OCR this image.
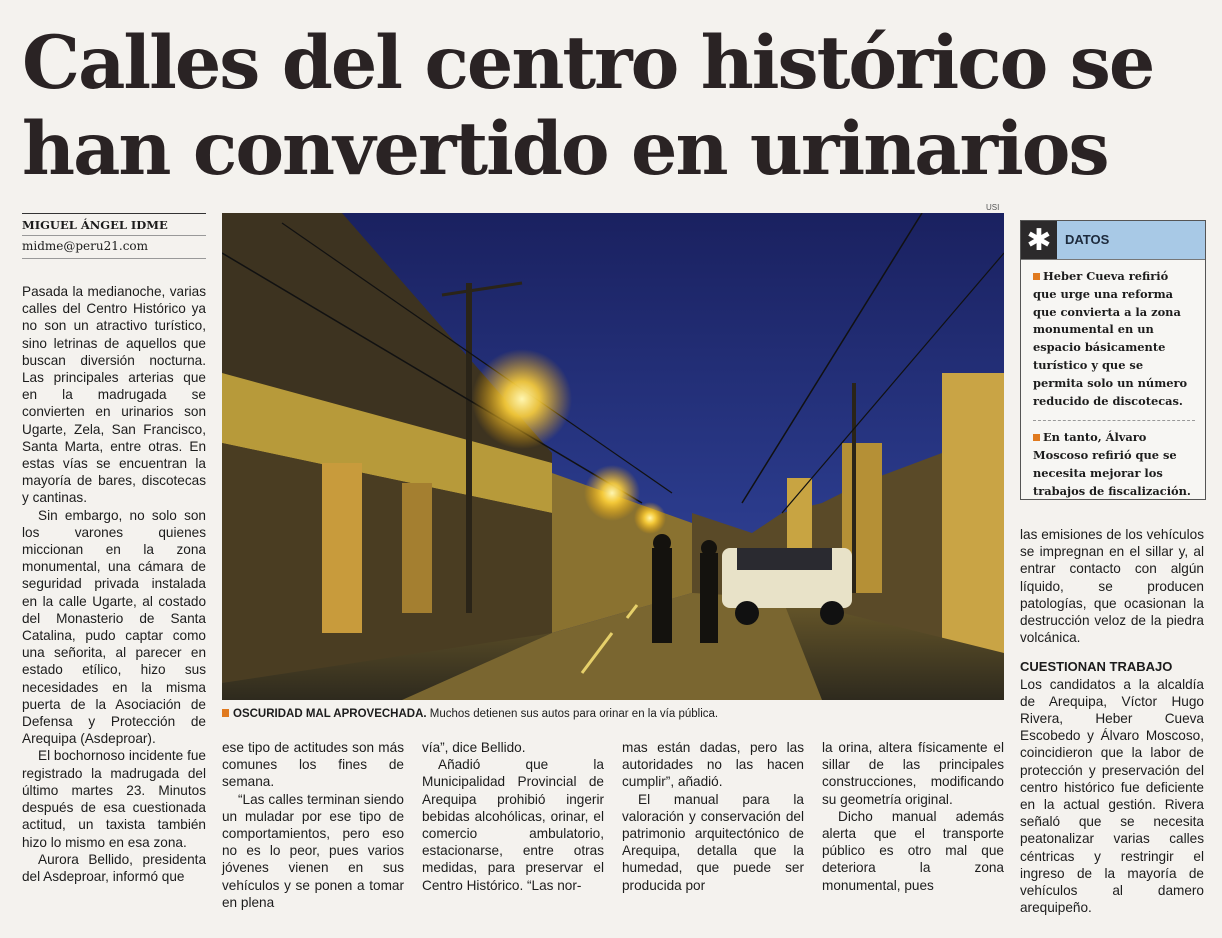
Calles del centro histórico se han convertido en urinarios
MIGUEL ÁNGEL IDME
midme@peru21.com

Pasada la medianoche, varias calles del Centro Histórico ya no son un atractivo turístico, sino letrinas de aquellos que buscan diversión nocturna. Las principales arterias que en la madrugada se convierten en urinarios son Ugarte, Zela, San Francisco, Santa Marta, entre otras. En estas vías se encuentran la mayoría de bares, discotecas y cantinas.

Sin embargo, no solo son los varones quienes miccionan en la zona monumental, una cámara de seguridad privada instalada en la calle Ugarte, al costado del Monasterio de Santa Catalina, pudo captar como una señorita, al parecer en estado etílico, hizo sus necesidades en la misma puerta de la Asociación de Defensa y Protección de Arequipa (Asdeproar).

El bochornoso incidente fue registrado la madrugada del último martes 23. Minutos después de esa cuestionada actitud, un taxista también hizo lo mismo en esa zona.

Aurora Bellido, presidenta del Asdeproar, informó que

USI
OSCURIDAD MAL APROVECHADA. Muchos detienen sus autos para orinar en la vía pública.

ese tipo de actitudes son más comunes los fines de semana.

“Las calles terminan siendo un muladar por ese tipo de comportamientos, pero eso no es lo peor, pues varios jóvenes vienen en sus vehículos y se ponen a tomar en plena

vía”, dice Bellido.

Añadió que la Municipalidad Provincial de Arequipa prohibió ingerir bebidas alcohólicas, orinar, el comercio ambulatorio, estacionarse, entre otras medidas, para preservar el Centro Histórico. “Las nor-

mas están dadas, pero las autoridades no las hacen cumplir”, añadió.

El manual para la valoración y conservación del patrimonio arquitectónico de Arequipa, detalla que la humedad, que puede ser producida por

la orina, altera físicamente el sillar de las principales construcciones, modificando su geometría original.

Dicho manual además alerta que el transporte público es otro mal que deteriora la zona monumental, pues

✱	DATOS
Heber Cueva refirió que urge una reforma que convierta a la zona monumental en un espacio básicamente turístico y que se permita solo un número reducido de discotecas.
En tanto, Álvaro Moscoso refirió que se necesita mejorar los trabajos de fiscalización.

las emisiones de los vehículos se impregnan en el sillar y, al entrar contacto con algún líquido, se producen patologías, que ocasionan la destrucción veloz de la piedra volcánica.

CUESTIONAN TRABAJO

Los candidatos a la alcaldía de Arequipa, Víctor Hugo Rivera, Heber Cueva Escobedo y Álvaro Moscoso, coincidieron que la labor de protección y preservación del centro histórico fue deficiente en la actual gestión. Rivera señaló que se necesita peatonalizar varias calles céntricas y restringir el ingreso de la mayoría de vehículos al damero arequipeño.
